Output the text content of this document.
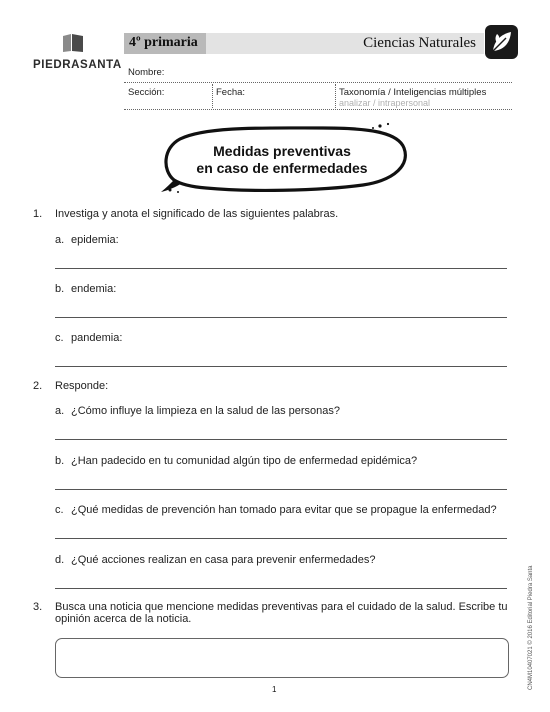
PIEDRASANTA
4º primaria	Ciencias Naturales
Nombre:
Sección:	Fecha:	Taxonomía / Inteligencias múltiples
analizar / intrapersonal
Medidas preventivas
en caso de enfermedades
1. Investiga y anota el significado de las siguientes palabras.
a. epidemia:
b. endemia:
c. pandemia:
2. Responde:
a. ¿Cómo influye la limpieza en la salud de las personas?
b. ¿Han padecido en tu comunidad algún tipo de enfermedad epidémica?
c. ¿Qué medidas de prevención han tomado para evitar que se propague la enfermedad?
d. ¿Qué acciones realizan en casa para prevenir enfermedades?
3. Busca una noticia que mencione medidas preventivas para el cuidado de la salud. Escribe tu
opinión acerca de la noticia.	CN4M10407021 © 2016 Editorial Piedra Santa
1
